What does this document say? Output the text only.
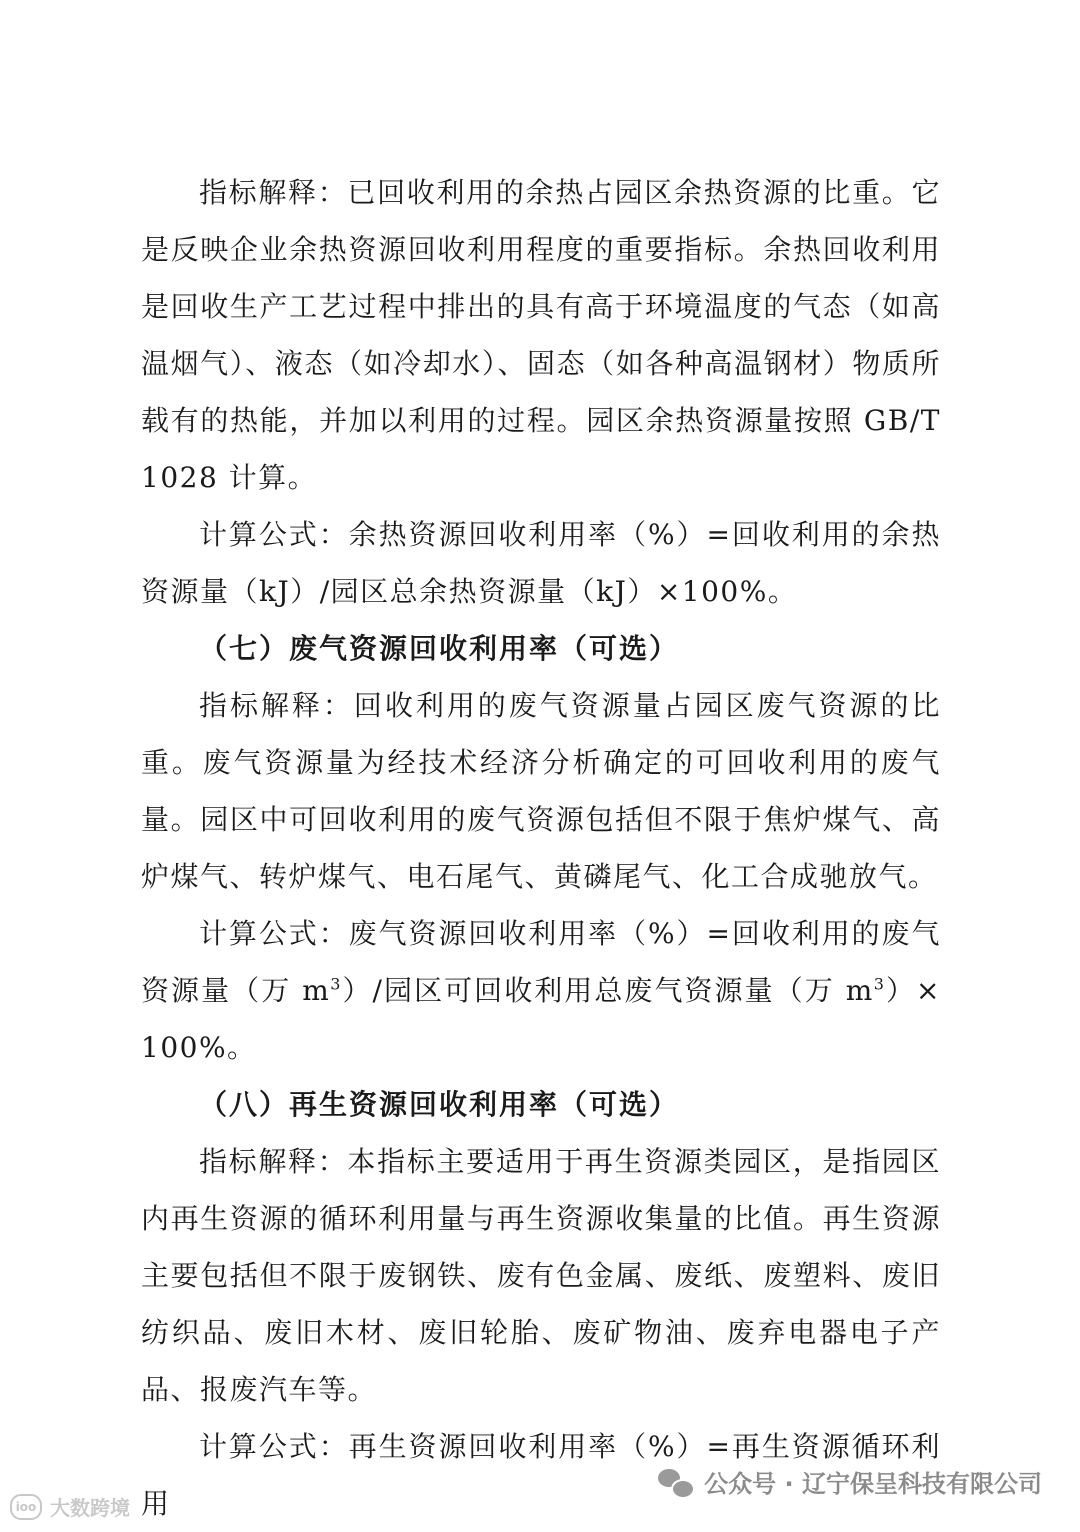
指标解释：已回收利用的余热占园区余热资源的比重。它是反映企业余热资源回收利用程度的重要指标。余热回收利用是回收生产工艺过程中排出的具有高于环境温度的气态（如高温烟气）、液态（如冷却水）、固态（如各种高温钢材）物质所载有的热能，并加以利用的过程。园区余热资源量按照 GB/T 1028 计算。

计算公式：余热资源回收利用率（%）=回收利用的余热资源量（kJ）/园区总余热资源量（kJ）×100%。

（七）废气资源回收利用率（可选）

指标解释：回收利用的废气资源量占园区废气资源的比重。废气资源量为经技术经济分析确定的可回收利用的废气量。园区中可回收利用的废气资源包括但不限于焦炉煤气、高炉煤气、转炉煤气、电石尾气、黄磷尾气、化工合成驰放气。

计算公式：废气资源回收利用率（%）=回收利用的废气资源量（万 $m^3)/$园区可回收利用总废气资源量（万 $m^3)\times 100\%$。

（八）再生资源回收利用率（可选）

指标解释：本指标主要适用于再生资源类园区，是指园区内再生资源的循环利用量与再生资源收集量的比值。再生资源主要包括但不限于废钢铁、废有色金属、废纸、废塑料、废旧纺织品、废旧木材、废旧轮胎、废矿物油、废弃电器电子产品、报废汽车等。

计算公式：再生资源回收利用率（%）=再生资源循环利用

ioo 大数跨境
公众号 · 辽宁保呈科技有限公司
